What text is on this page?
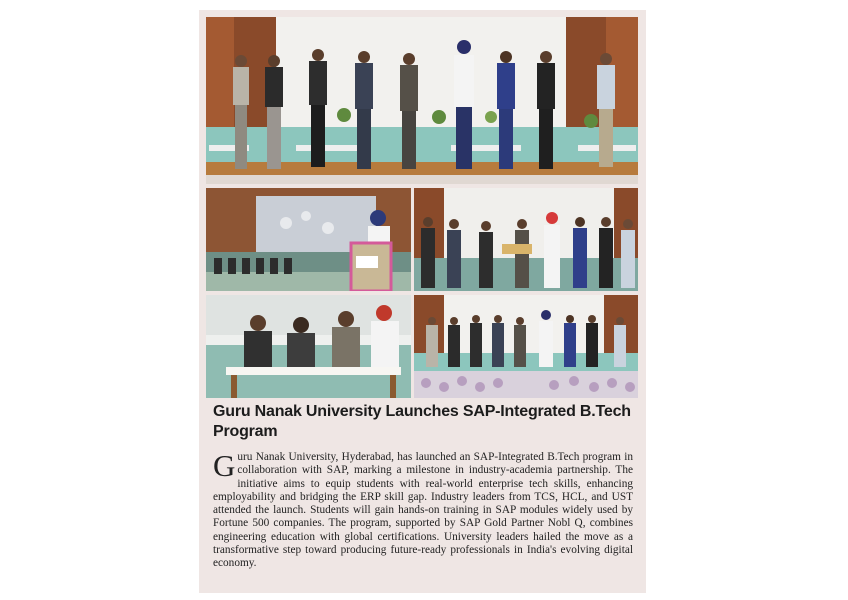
Guru Nanak University Launches SAP-Integrated B.Tech Program
Guru Nanak University, Hyderabad, has launched an SAP-Integrated B.Tech program in collaboration with SAP, marking a milestone in industry-academia partnership. The initiative aims to equip students with real-world enterprise tech skills, enhancing employability and bridging the ERP skill gap. Industry leaders from TCS, HCL, and UST attended the launch. Students will gain hands-on training in SAP modules widely used by Fortune 500 companies. The program, supported by SAP Gold Partner Nobl Q, combines engineering education with global certifications. University leaders hailed the move as a transformative step toward producing future-ready professionals in India's evolving digital economy.
